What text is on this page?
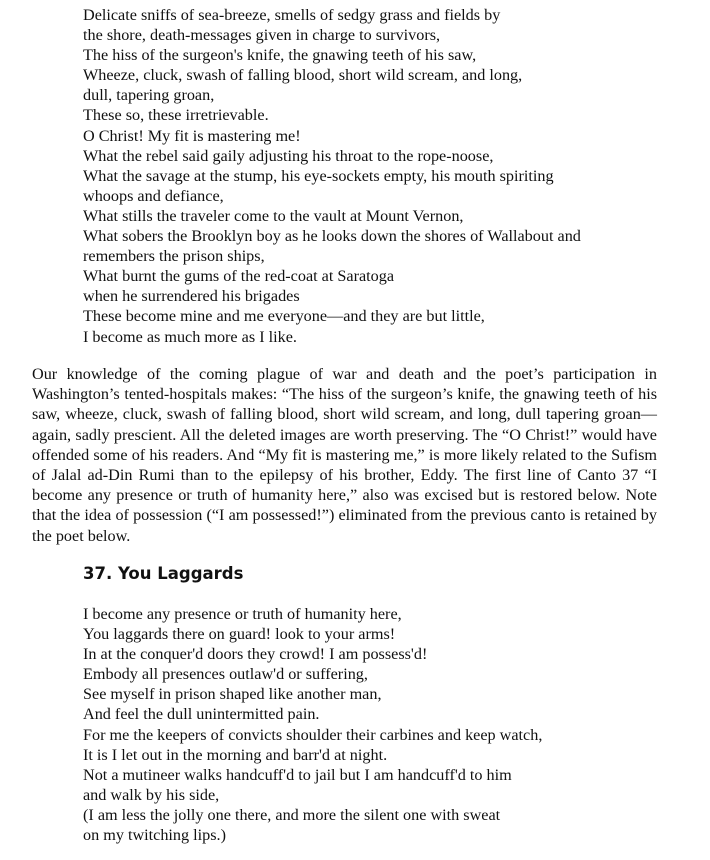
Delicate sniffs of sea-breeze, smells of sedgy grass and fields by
the shore, death-messages given in charge to survivors,
The hiss of the surgeon's knife, the gnawing teeth of his saw,
Wheeze, cluck, swash of falling blood, short wild scream, and long,
dull, tapering groan,
These so, these irretrievable.
O Christ! My fit is mastering me!
What the rebel said gaily adjusting his throat to the rope-noose,
What the savage at the stump, his eye-sockets empty, his mouth spiriting
whoops and defiance,
What stills the traveler come to the vault at Mount Vernon,
What sobers the Brooklyn boy as he looks down the shores of Wallabout and
remembers the prison ships,
What burnt the gums of the red-coat at Saratoga
when he surrendered his brigades
These become mine and me everyone—and they are but little,
I become as much more as I like.

Our knowledge of the coming plague of war and death and the poet’s participation in Washington’s tented-hospitals makes: “The hiss of the surgeon’s knife, the gnawing teeth of his saw, wheeze, cluck, swash of falling blood, short wild scream, and long, dull tapering groan—again, sadly prescient. All the deleted images are worth preserving. The “O Christ!” would have offended some of his readers. And “My fit is mastering me,” is more likely related to the Sufism of Jalal ad-Din Rumi than to the epilepsy of his brother, Eddy. The first line of Canto 37 “I become any presence or truth of humanity here,” also was excised but is restored below. Note that the idea of possession (“I am possessed!”) eliminated from the previous canto is retained by the poet below.

37. You Laggards
I become any presence or truth of humanity here,
You laggards there on guard! look to your arms!
In at the conquer'd doors they crowd! I am possess'd!
Embody all presences outlaw'd or suffering,
See myself in prison shaped like another man,
And feel the dull unintermitted pain.
For me the keepers of convicts shoulder their carbines and keep watch,
It is I let out in the morning and barr'd at night.
Not a mutineer walks handcuff'd to jail but I am handcuff'd to him
and walk by his side,
(I am less the jolly one there, and more the silent one with sweat
on my twitching lips.)
